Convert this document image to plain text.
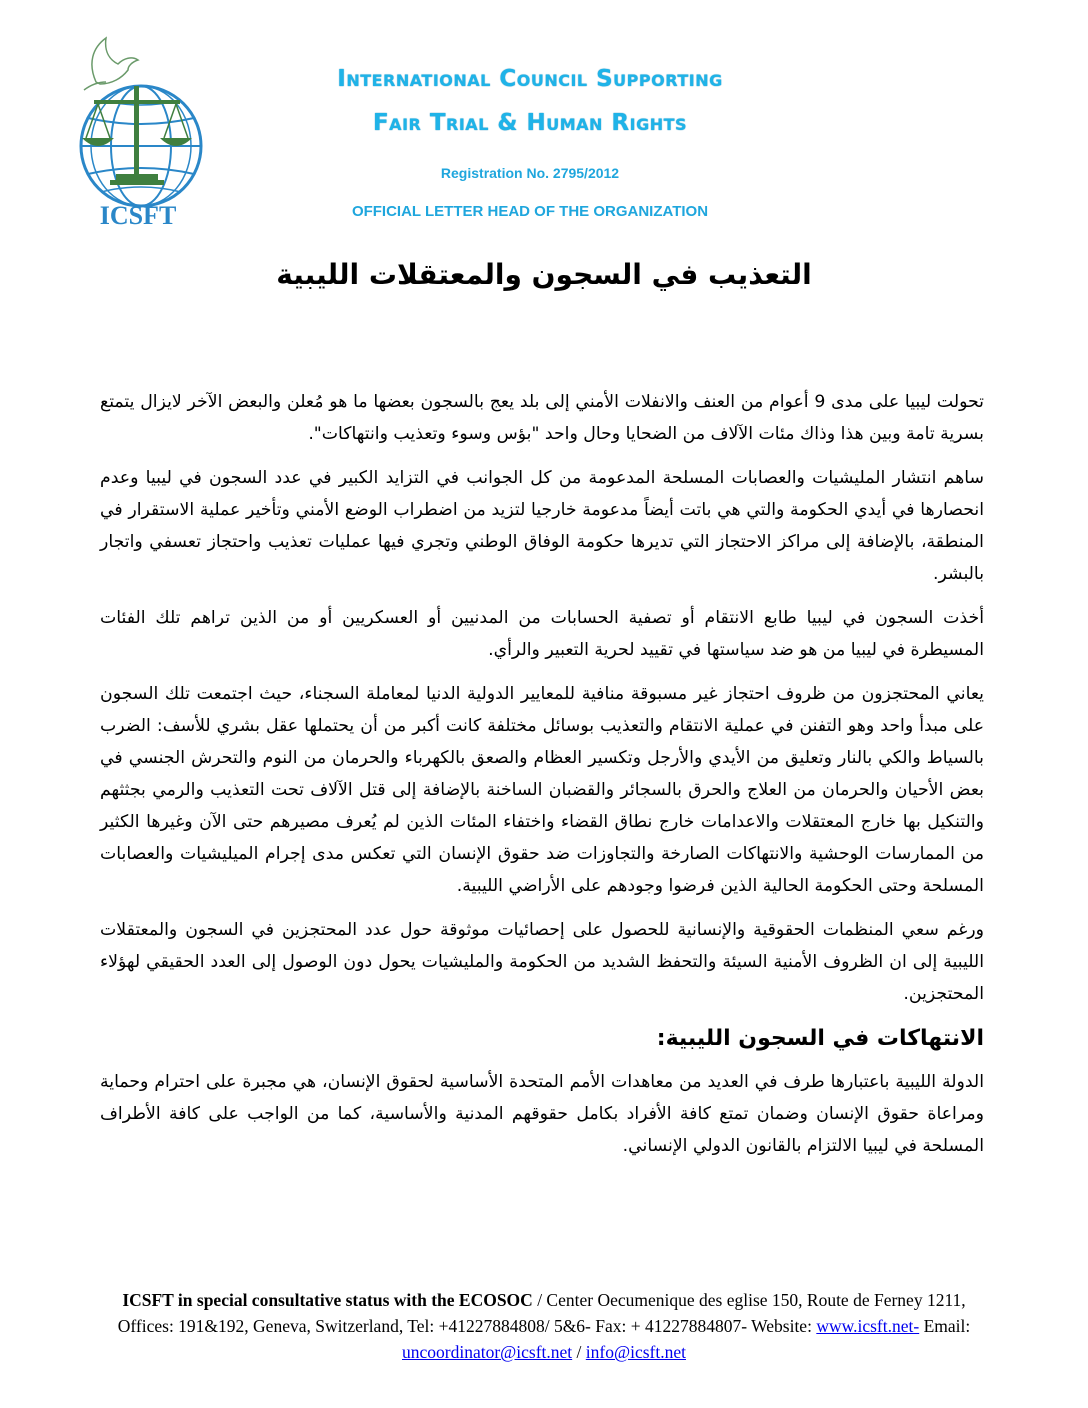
ICSFT
International Council Supporting
Fair Trial & Human Rights
Registration No. 2795/2012
OFFICIAL LETTER HEAD OF THE ORGANIZATION
التعذيب في السجون والمعتقلات الليبية

تحولت ليبيا على مدى 9 أعوام من العنف والانفلات الأمني إلى بلد يعج بالسجون بعضها ما هو مُعلن والبعض الآخر لايزال يتمتع بسرية تامة وبين هذا وذاك مئات الآلاف من الضحايا وحال واحد "بؤس وسوء وتعذيب وانتهاكات".

ساهم انتشار المليشيات والعصابات المسلحة المدعومة من كل الجوانب في التزايد الكبير في عدد السجون في ليبيا وعدم انحصارها في أيدي الحكومة والتي هي باتت أيضاً مدعومة خارجيا لتزيد من اضطراب الوضع الأمني وتأخير عملية الاستقرار في المنطقة، بالإضافة إلى مراكز الاحتجاز التي تديرها حكومة الوفاق الوطني وتجري فيها عمليات تعذيب واحتجاز تعسفي واتجار بالبشر.

أخذت السجون في ليبيا طابع الانتقام أو تصفية الحسابات من المدنيين أو العسكريين أو من الذين تراهم تلك الفئات المسيطرة في ليبيا من هو ضد سياستها في تقييد لحرية التعبير والرأي.

يعاني المحتجزون من ظروف احتجاز غير مسبوقة منافية للمعايير الدولية الدنيا لمعاملة السجناء، حيث اجتمعت تلك السجون على مبدأ واحد وهو التفنن في عملية الانتقام والتعذيب بوسائل مختلفة كانت أكبر من أن يحتملها عقل بشري للأسف: الضرب بالسياط والكي بالنار وتعليق من الأيدي والأرجل وتكسير العظام والصعق بالكهرباء والحرمان من النوم والتحرش الجنسي في بعض الأحيان والحرمان من العلاج والحرق بالسجائر والقضبان الساخنة بالإضافة إلى قتل الآلاف تحت التعذيب والرمي بجثثهم والتنكيل بها خارج المعتقلات والاعدامات خارج نطاق القضاء واختفاء المئات الذين لم يُعرف مصيرهم حتى الآن وغيرها الكثير من الممارسات الوحشية والانتهاكات الصارخة والتجاوزات ضد حقوق الإنسان التي تعكس مدى إجرام الميليشيات والعصابات المسلحة وحتى الحكومة الحالية الذين فرضوا وجودهم على الأراضي الليبية.

ورغم سعي المنظمات الحقوقية والإنسانية للحصول على إحصائيات موثوقة حول عدد المحتجزين في السجون والمعتقلات الليبية إلى ان الظروف الأمنية السيئة والتحفظ الشديد من الحكومة والمليشيات يحول دون الوصول إلى العدد الحقيقي لهؤلاء المحتجزين.

الانتهاكات في السجون الليبية:

الدولة الليبية باعتبارها طرف في العديد من معاهدات الأمم المتحدة الأساسية لحقوق الإنسان، هي مجبرة على احترام وحماية ومراعاة حقوق الإنسان وضمان تمتع كافة الأفراد بكامل حقوقهم المدنية والأساسية، كما من الواجب على كافة الأطراف المسلحة في ليبيا الالتزام بالقانون الدولي الإنساني.

ICSFT in special consultative status with the ECOSOC / Center Oecumenique des eglise 150, Route de Ferney 1211, Offices: 191&192, Geneva, Switzerland, Tel: +41227884808/ 5&6- Fax: + 41227884807- Website: www.icsft.net- Email: uncoordinator@icsft.net / info@icsft.net
